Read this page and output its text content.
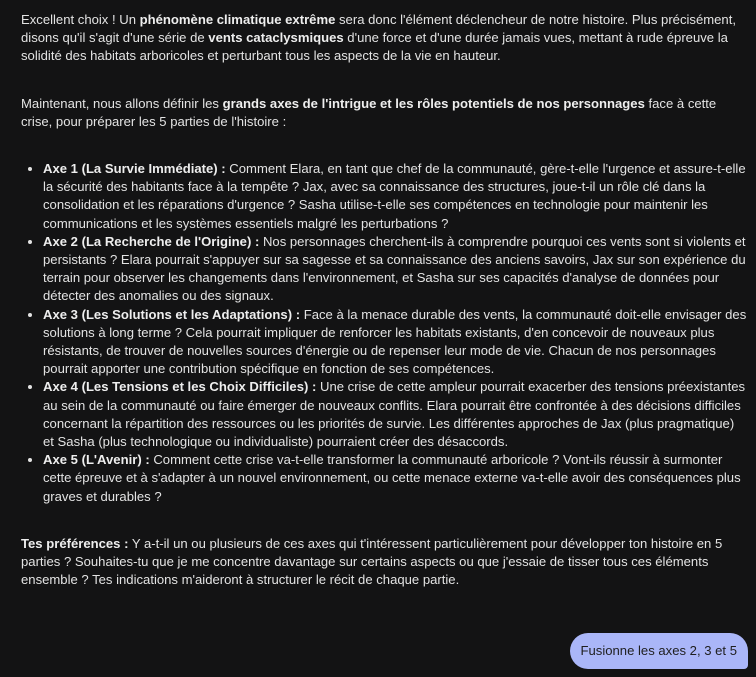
Excellent choix ! Un phénomène climatique extrême sera donc l'élément déclencheur de notre histoire. Plus précisément, disons qu'il s'agit d'une série de vents cataclysmiques d'une force et d'une durée jamais vues, mettant à rude épreuve la solidité des habitats arboricoles et perturbant tous les aspects de la vie en hauteur.

Maintenant, nous allons définir les grands axes de l'intrigue et les rôles potentiels de nos personnages face à cette crise, pour préparer les 5 parties de l'histoire :

• Axe 1 (La Survie Immédiate) : Comment Elara, en tant que chef de la communauté, gère-t-elle l'urgence et assure-t-elle la sécurité des habitants face à la tempête ? Jax, avec sa connaissance des structures, joue-t-il un rôle clé dans la consolidation et les réparations d'urgence ? Sasha utilise-t-elle ses compétences en technologie pour maintenir les communications et les systèmes essentiels malgré les perturbations ?
• Axe 2 (La Recherche de l'Origine) : Nos personnages cherchent-ils à comprendre pourquoi ces vents sont si violents et persistants ? Elara pourrait s'appuyer sur sa sagesse et sa connaissance des anciens savoirs, Jax sur son expérience du terrain pour observer les changements dans l'environnement, et Sasha sur ses capacités d'analyse de données pour détecter des anomalies ou des signaux.
• Axe 3 (Les Solutions et les Adaptations) : Face à la menace durable des vents, la communauté doit-elle envisager des solutions à long terme ? Cela pourrait impliquer de renforcer les habitats existants, d'en concevoir de nouveaux plus résistants, de trouver de nouvelles sources d'énergie ou de repenser leur mode de vie. Chacun de nos personnages pourrait apporter une contribution spécifique en fonction de ses compétences.
• Axe 4 (Les Tensions et les Choix Difficiles) : Une crise de cette ampleur pourrait exacerber des tensions préexistantes au sein de la communauté ou faire émerger de nouveaux conflits. Elara pourrait être confrontée à des décisions difficiles concernant la répartition des ressources ou les priorités de survie. Les différentes approches de Jax (plus pragmatique) et Sasha (plus technologique ou individualiste) pourraient créer des désaccords.
• Axe 5 (L'Avenir) : Comment cette crise va-t-elle transformer la communauté arboricole ? Vont-ils réussir à surmonter cette épreuve et à s'adapter à un nouvel environnement, ou cette menace externe va-t-elle avoir des conséquences plus graves et durables ?

Tes préférences : Y a-t-il un ou plusieurs de ces axes qui t'intéressent particulièrement pour développer ton histoire en 5 parties ? Souhaites-tu que je me concentre davantage sur certains aspects ou que j'essaie de tisser tous ces éléments ensemble ? Tes indications m'aideront à structurer le récit de chaque partie.

Fusionne les axes 2, 3 et 5
